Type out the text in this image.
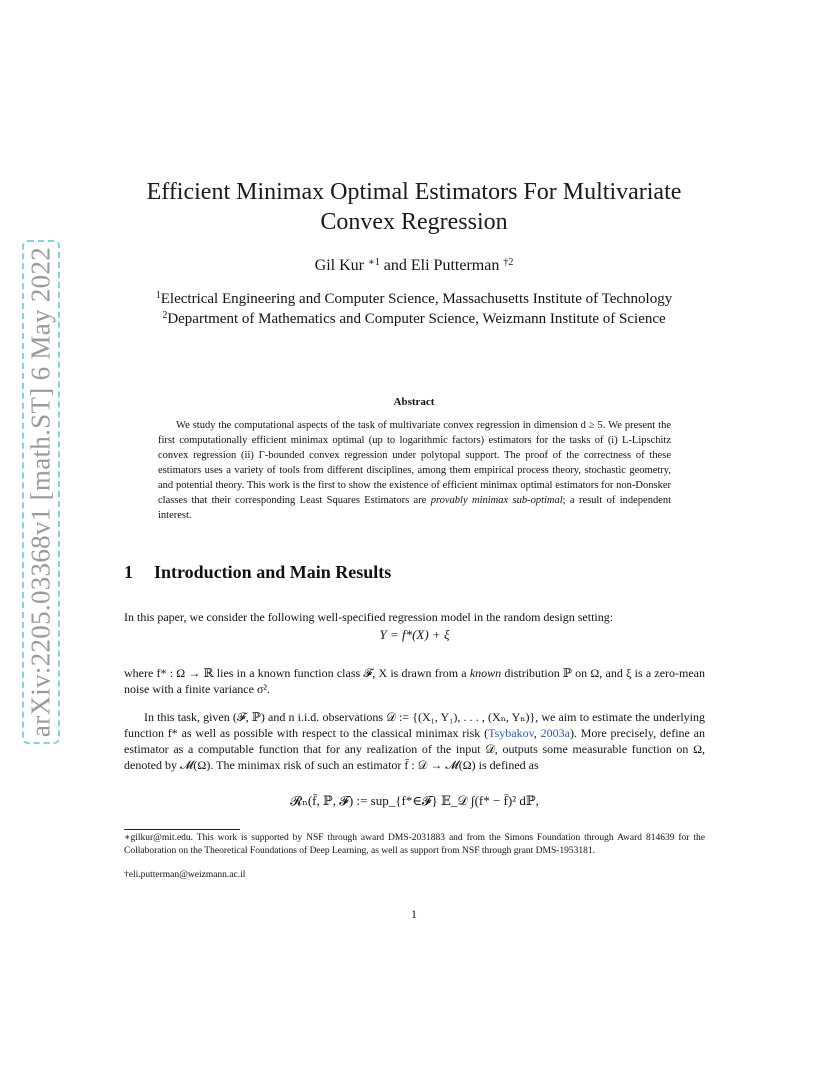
arXiv:2205.03368v1 [math.ST] 6 May 2022
Efficient Minimax Optimal Estimators For Multivariate
Convex Regression
Gil Kur $^{∗1}$ and Eli Putterman $^{\dagger 2}$
$^1$Electrical Engineering and Computer Science, Massachusetts Institute of Technology
$^2$Department of Mathematics and Computer Science, Weizmann Institute of Science
Abstract
We study the computational aspects of the task of multivariate convex regression in dimension d ≥ 5. We present the first computationally efficient minimax optimal (up to logarithmic factors) estimators for the tasks of (i) L-Lipschitz convex regression (ii) Γ-bounded convex regression under polytopal support. The proof of the correctness of these estimators uses a variety of tools from different disciplines, among them empirical process theory, stochastic geometry, and potential theory. This work is the first to show the existence of efficient minimax optimal estimators for non-Donsker classes that their corresponding Least Squares Estimators are provably minimax sub-optimal; a result of independent interest.
1 Introduction and Main Results
In this paper, we consider the following well-specified regression model in the random design setting:
Y = f*(X) + ξ
where f* : Ω → ℝ lies in a known function class 𝓕, X is drawn from a known distribution ℙ on Ω, and ξ is a zero-mean noise with a finite variance σ².
In this task, given (𝓕, ℙ) and n i.i.d. observations 𝒟 := {(X₁, Y₁), . . . , (Xₙ, Yₙ)}, we aim to estimate the underlying function f* as well as possible with respect to the classical minimax risk (Tsybakov, 2003a). More precisely, define an estimator as a computable function that for any realization of the input 𝒟, outputs some measurable function on Ω, denoted by 𝓜(Ω). The minimax risk of such an estimator f̄ : 𝒟 → 𝓜(Ω) is defined as
𝓡ₙ(f̄, ℙ, 𝓕) := sup_{f*∈𝓕} 𝔼_𝒟 ∫(f* − f̄)² dℙ,
∗gilkur@mit.edu. This work is supported by NSF through award DMS-2031883 and from the Simons Foundation through Award 814639 for the Collaboration on the Theoretical Foundations of Deep Learning, as well as support from NSF through grant DMS-1953181.
†eli.putterman@weizmann.ac.il
1
